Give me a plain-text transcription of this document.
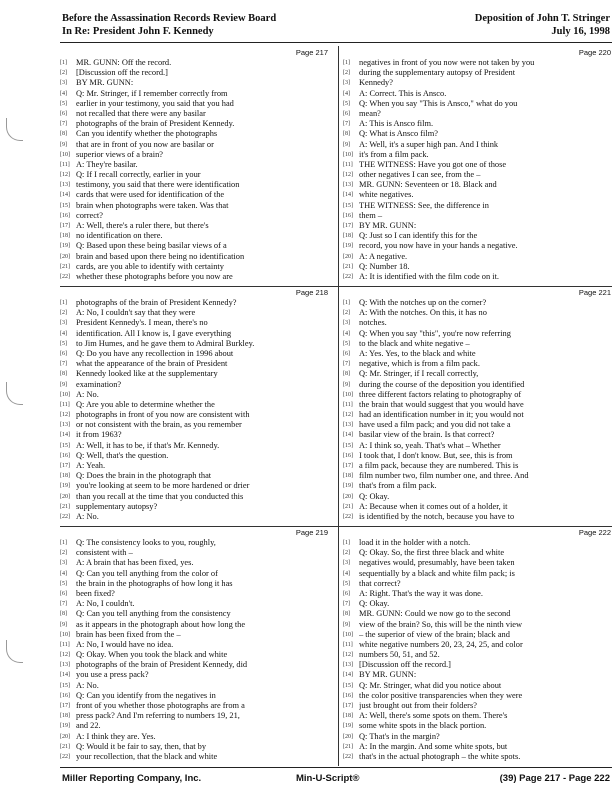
Before the Assassination Records Review Board
In Re: President John F. Kennedy
Deposition of John T. Stringer
July 16, 1998
Page 217
[1]	MR. GUNN: Off the record.
[2]	[Discussion off the record.]
[3]	BY MR. GUNN:
[4]	Q: Mr. Stringer, if I remember correctly from
[5]	earlier in your testimony, you said that you had
[6]	not recalled that there were any basilar
[7]	photographs of the brain of President Kennedy.
[8]	Can you identify whether the photographs
[9]	that are in front of you now are basilar or
[10] superior views of a brain?
[11] A: They're basilar.
[12] Q: If I recall correctly, earlier in your
[13] testimony, you said that there were identification
[14] cards that were used for identification of the
[15] brain when photographs were taken. Was that
[16] correct?
[17] A: Well, there's a ruler there, but there's
[18] no identification on there.
[19] Q: Based upon these being basilar views of a
[20] brain and based upon there being no identification
[21] cards, are you able to identify with certainty
[22] whether these photographs before you now are
Page 218
[1]	photographs of the brain of President Kennedy?
[2]	A: No, I couldn't say that they were
[3]	President Kennedy's. I mean, there's no
[4]	identification. All I know is, I gave everything
[5]	to Jim Humes, and he gave them to Admiral Burkley.
[6]	Q: Do you have any recollection in 1996 about
[7]	what the appearance of the brain of President
[8]	Kennedy looked like at the supplementary
[9]	examination?
[10] A: No.
[11] Q: Are you able to determine whether the
[12] photographs in front of you now are consistent with
[13] or not consistent with the brain, as you remember
[14] it from 1963?
[15] A: Well, it has to be, if that's Mr. Kennedy.
[16] Q: Well, that's the question.
[17] A: Yeah.
[18] Q: Does the brain in the photograph that
[19] you're looking at seem to be more hardened or drier
[20] than you recall at the time that you conducted this
[21] supplementary autopsy?
[22] A: No.
Page 219
[1]	Q: The consistency looks to you, roughly,
[2]	consistent with –
[3]	A: A brain that has been fixed, yes.
[4]	Q: Can you tell anything from the color of
[5]	the brain in the photographs of how long it has
[6]	been fixed?
[7]	A: No, I couldn't.
[8]	Q: Can you tell anything from the consistency
[9]	as it appears in the photograph about how long the
[10] brain has been fixed from the –
[11] A: No, I would have no idea.
[12] Q: Okay. When you took the black and white
[13] photographs of the brain of President Kennedy, did
[14] you use a press pack?
[15] A: No.
[16] Q: Can you identify from the negatives in
[17] front of you whether those photographs are from a
[18] press pack? And I'm referring to numbers 19, 21,
[19] and 22.
[20] A: I think they are. Yes.
[21] Q: Would it be fair to say, then, that by
[22] your recollection, that the black and white
Page 220
[1]	negatives in front of you now were not taken by you
[2]	during the supplementary autopsy of President
[3]	Kennedy?
[4]	A: Correct. This is Ansco.
[5]	Q: When you say "This is Ansco," what do you
[6]	mean?
[7]	A: This is Ansco film.
[8]	Q: What is Ansco film?
[9]	A: Well, it's a super high pan. And I think
[10] it's from a film pack.
[11] THE WITNESS: Have you got one of those
[12] other negatives I can see, from the –
[13] MR. GUNN: Seventeen or 18. Black and
[14] white negatives.
[15] THE WITNESS: See, the difference in
[16] them –
[17] BY MR. GUNN:
[18] Q: Just so I can identify this for the
[19] record, you now have in your hands a negative.
[20] A: A negative.
[21] Q: Number 18.
[22] A: It is identified with the film code on it.
Page 221
[1]	Q: With the notches up on the corner?
[2]	A: With the notches. On this, it has no
[3]	notches.
[4]	Q: When you say "this", you're now referring
[5]	to the black and white negative –
[6]	A: Yes. Yes, to the black and white
[7]	negative, which is from a film pack.
[8]	Q: Mr. Stringer, if I recall correctly,
[9]	during the course of the deposition you identified
[10] three different factors relating to photography of
[11] the brain that would suggest that you would have
[12] had an identification number in it; you would not
[13] have used a film pack; and you did not take a
[14] basilar view of the brain. Is that correct?
[15] A: I think so, yeah. That's what – Whether
[16] I took that, I don't know. But, see, this is from
[17] a film pack, because they are numbered. This is
[18] film number two, film number one, and three. And
[19] that's from a film pack.
[20] Q: Okay.
[21] A: Because when it comes out of a holder, it
[22] is identified by the notch, because you have to
Page 222
[1]	load it in the holder with a notch.
[2]	Q: Okay. So, the first three black and white
[3]	negatives would, presumably, have been taken
[4]	sequentially by a black and white film pack; is
[5]	that correct?
[6]	A: Right. That's the way it was done.
[7]	Q: Okay.
[8]	MR. GUNN: Could we now go to the second
[9]	view of the brain? So, this will be the ninth view
[10] – the superior of view of the brain; black and
[11] white negative numbers 20, 23, 24, 25, and color
[12] numbers 50, 51, and 52.
[13] [Discussion off the record.]
[14] BY MR. GUNN:
[15] Q: Mr. Stringer, what did you notice about
[16] the color positive transparencies when they were
[17] just brought out from their folders?
[18] A: Well, there's some spots on them. There's
[19] some white spots in the black portion.
[20] Q: That's in the margin?
[21] A: In the margin. And some white spots, but
[22] that's in the actual photograph – the white spots.
Miller Reporting Company, Inc.	Min-U-Script®	(39) Page 217 - Page 222
